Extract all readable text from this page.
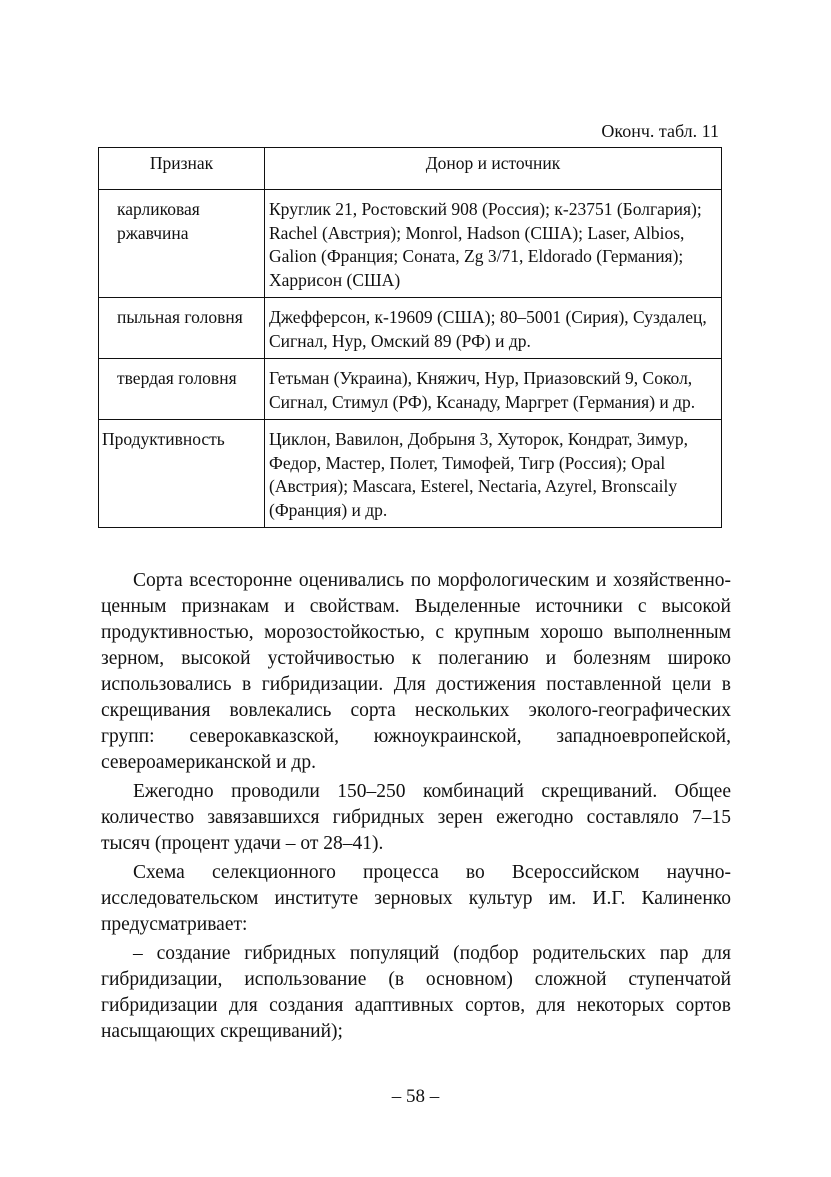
Оконч. табл. 11
Признак	Донор и источник
карликовая ржавчина	Круглик 21, Ростовский 908 (Россия); к-23751 (Болгария); Rachel (Австрия); Monrol, Hadson (США); Laser, Albios, Galion (Франция; Соната, Zg 3/71, Eldorado (Германия); Харрисон (США)
пыльная головня	Джефферсон, к-19609 (США); 80–5001 (Сирия), Суздалец, Сигнал, Нур, Омский 89 (РФ) и др.
твердая головня	Гетьман (Украина), Княжич, Нур, Приазовский 9, Сокол, Сигнал, Стимул (РФ), Ксанаду, Маргрет (Германия) и др.
Продуктивность	Циклон, Вавилон, Добрыня 3, Хуторок, Кондрат, Зимур, Федор, Мастер, Полет, Тимофей, Тигр (Россия); Opal (Австрия); Mascara, Esterel, Nectaria, Azyrel, Bronscaily (Франция) и др.

Сорта всесторонне оценивались по морфологическим и хозяйственно-ценным признакам и свойствам. Выделенные источники с высокой продуктивностью, морозостойкостью, с крупным хорошо выполненным зерном, высокой устойчивостью к полеганию и болезням широко использовались в гибридизации. Для достижения поставленной цели в скрещивания вовлекались сорта нескольких эколого-географических групп: северокавказской, южноукраинской, западноевропейской, североамериканской и др.

Ежегодно проводили 150–250 комбинаций скрещиваний. Общее количество завязавшихся гибридных зерен ежегодно составляло 7–15 тысяч (процент удачи – от 28–41).

Схема селекционного процесса во Всероссийском научно-исследовательском институте зерновых культур им. И.Г. Калиненко предусматривает:

– создание гибридных популяций (подбор родительских пар для гибридизации, использование (в основном) сложной ступенчатой гибридизации для создания адаптивных сортов, для некоторых сортов насыщающих скрещиваний);

– 58 –
